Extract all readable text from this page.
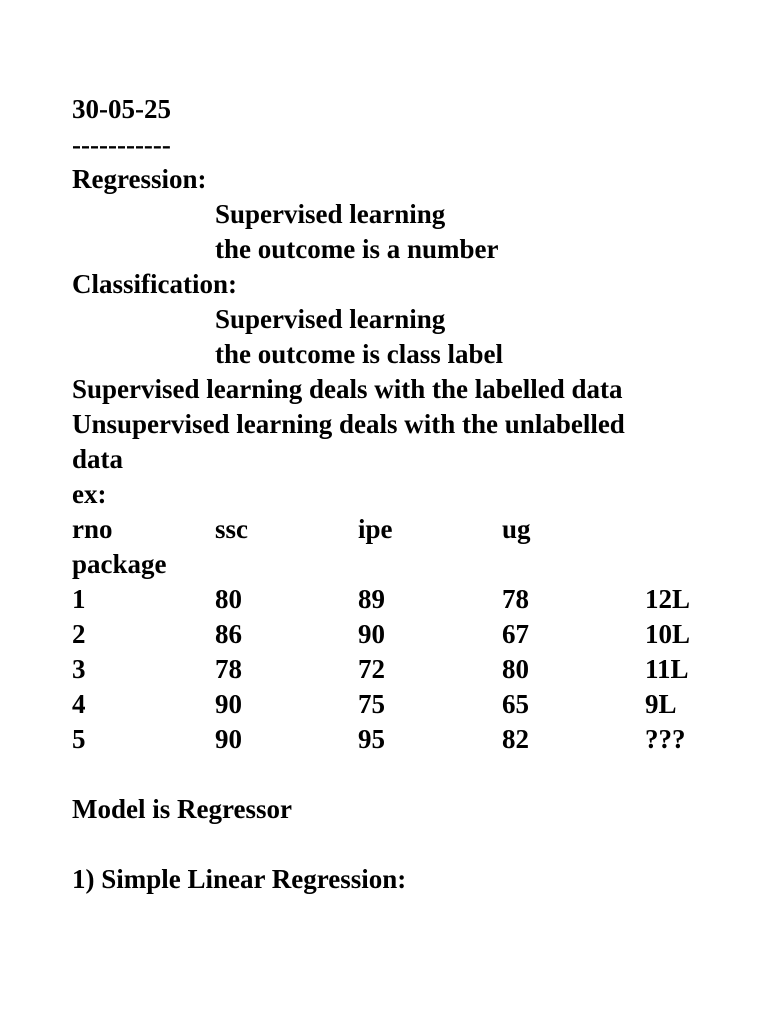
30-05-25
-----------
Regression:
Supervised learning
the outcome is a number
Classification:
Supervised learning
the outcome is class label
Supervised learning deals with the labelled data
Unsupervised learning deals with the unlabelled
data
ex:
rno	ssc	ipe	ug
package
1	80	89	78	12L
2	86	90	67	10L
3	78	72	80	11L
4	90	75	65	9L
5	90	95	82	???
Model is Regressor
1) Simple Linear Regression:
